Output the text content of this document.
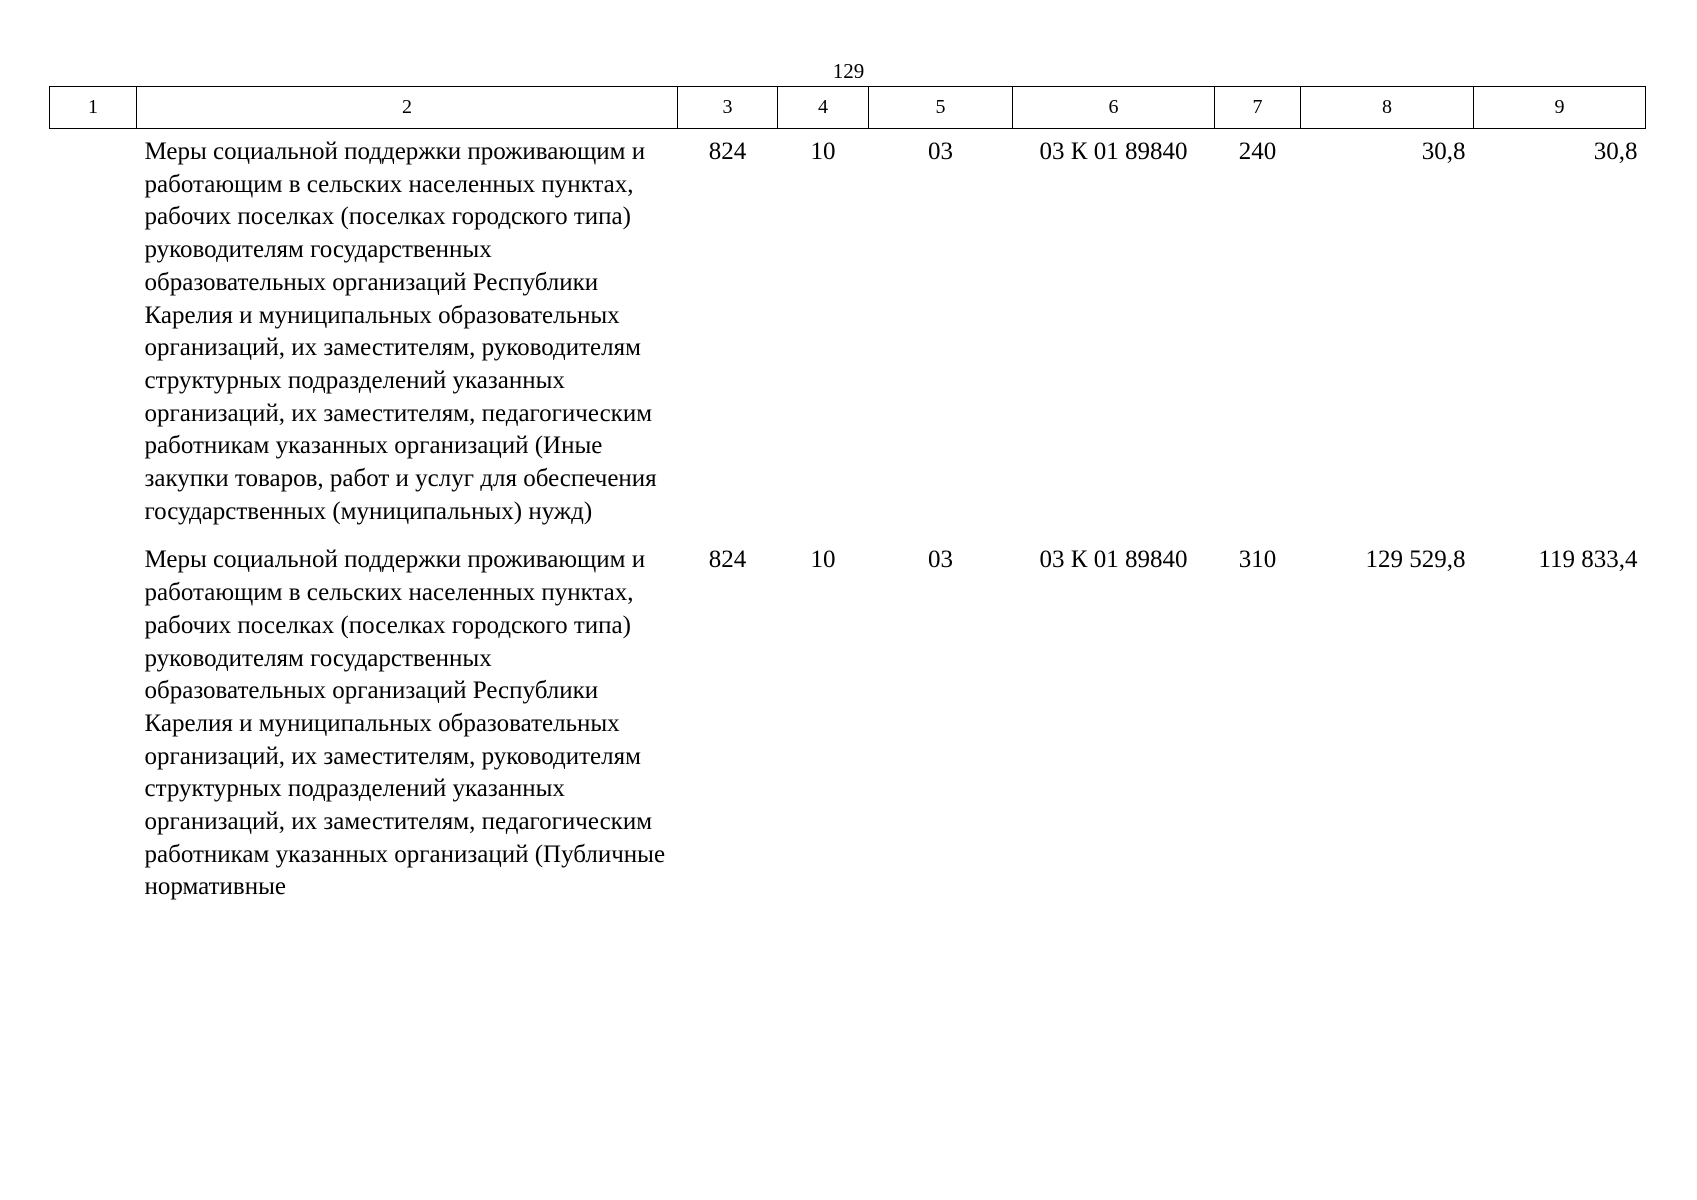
129
1	2	3	4	5	6	7	8	9
	Меры социальной поддержки проживающим и работающим в сельских населенных пунктах, рабочих поселках (поселках городского типа) руководителям государственных образовательных организаций Республики Карелия и муниципальных образовательных организаций, их заместителям, руководителям структурных подразделений указанных организаций, их заместителям, педагогическим работникам указанных организаций (Иные закупки товаров, работ и услуг для обеспечения государственных (муниципальных) нужд)	824	10	03	03 К 01 89840	240	30,8	30,8
	Меры социальной поддержки проживающим и работающим в сельских населенных пунктах, рабочих поселках (поселках городского типа) руководителям государственных образовательных организаций Республики Карелия и муниципальных образовательных организаций, их заместителям, руководителям структурных подразделений указанных организаций, их заместителям, педагогическим работникам указанных организаций (Публичные нормативные	824	10	03	03 К 01 89840	310	129 529,8	119 833,4
